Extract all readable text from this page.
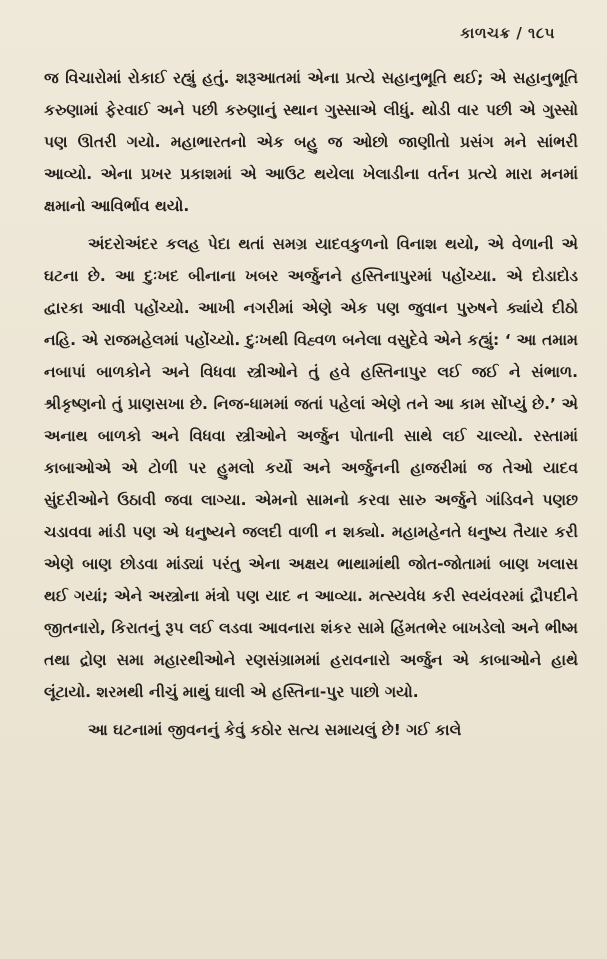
કાળચક્ર / ૧૮૫

જ વિચારોમાં રોકાઈ રહ્યું હતું. શરૂઆતમાં એના પ્રત્યે સહાનુભૂતિ થઈ; એ સહાનુભૂતિ કરુણામાં ફેરવાઈ અને પછી કરુણાનું સ્થાન ગુસ્સાએ લીધું. થોડી વાર પછી એ ગુસ્સો પણ ઊતરી ગયો. મહાભારતનો એક બહુ જ ઓછો જાણીતો પ્રસંગ મને સાંભરી આવ્યો. એના પ્રખર પ્રકાશમાં એ આઉટ થયેલા ખેલાડીના વર્તન પ્રત્યે મારા મનમાં ક્ષમાનો આવિર્ભાવ થયો.

અંદરોઅંદર કલહ પેદા થતાં સમગ્ર યાદવકુળનો વિનાશ થયો, એ વેળાની એ ઘટના છે. આ દુઃખદ બીનાના ખબર અર્જુનને હસ્તિનાપુરમાં પહોંચ્યા. એ દોડાદોડ દ્વારકા આવી પહોંચ્યો. આખી નગરીમાં એણે એક પણ જુવાન પુરુષને ક્યાંયે દીઠો નહિ. એ રાજમહેલમાં પહોંચ્યો. દુઃખથી વિહ્વળ બનેલા વસુદેવે એને કહ્યું: ‘ આ તમામ નબાપાં બાળકોને અને વિધવા સ્ત્રીઓને તું હવે હસ્તિનાપુર લઈ જઈ ને સંભાળ. શ્રીકૃષ્ણનો તું પ્રાણસખા છે. નિજ-ધામમાં જતાં પહેલાં એણે તને આ કામ સોંપ્યું છે.’ એ અનાથ બાળકો અને વિધવા સ્ત્રીઓને અર્જુન પોતાની સાથે લઈ ચાલ્યો. રસ્તામાં કાબાઓએ એ ટોળી પર હુમલો કર્યો અને અર્જુનની હાજરીમાં જ તેઓ યાદવ સુંદરીઓને ઉઠાવી જવા લાગ્યા. એમનો સામનો કરવા સારુ અર્જુને ગાંડિવને પણછ ચડાવવા માંડી પણ એ ધનુષ્યને જલદી વાળી ન શક્યો. મહામહેનતે ધનુષ્ય તૈયાર કરી એણે બાણ છોડવા માંડ્યાં પરંતુ એના અક્ષય ભાથામાંથી જોત-જોતામાં બાણ ખલાસ થઈ ગયાં; એને અસ્ત્રોના મંત્રો પણ યાદ ન આવ્યા. મત્સ્યવેધ કરી સ્વયંવરમાં દ્રૌપદીને જીતનારો, કિરાતનું રૂપ લઈ લડવા આવનારા શંકર સામે હિંમતભેર બાખડેલો અને ભીષ્મ તથા દ્રોણ સમા મહારથીઓને રણસંગ્રામમાં હરાવનારો અર્જુન એ કાબાઓને હાથે લૂંટાયો. શરમથી નીચું માથું ઘાલી એ હસ્તિના-પુર પાછો ગયો.

આ ઘટનામાં જીવનનું કેવું કઠોર સત્ય સમાયલું છે! ગઈ કાલે
